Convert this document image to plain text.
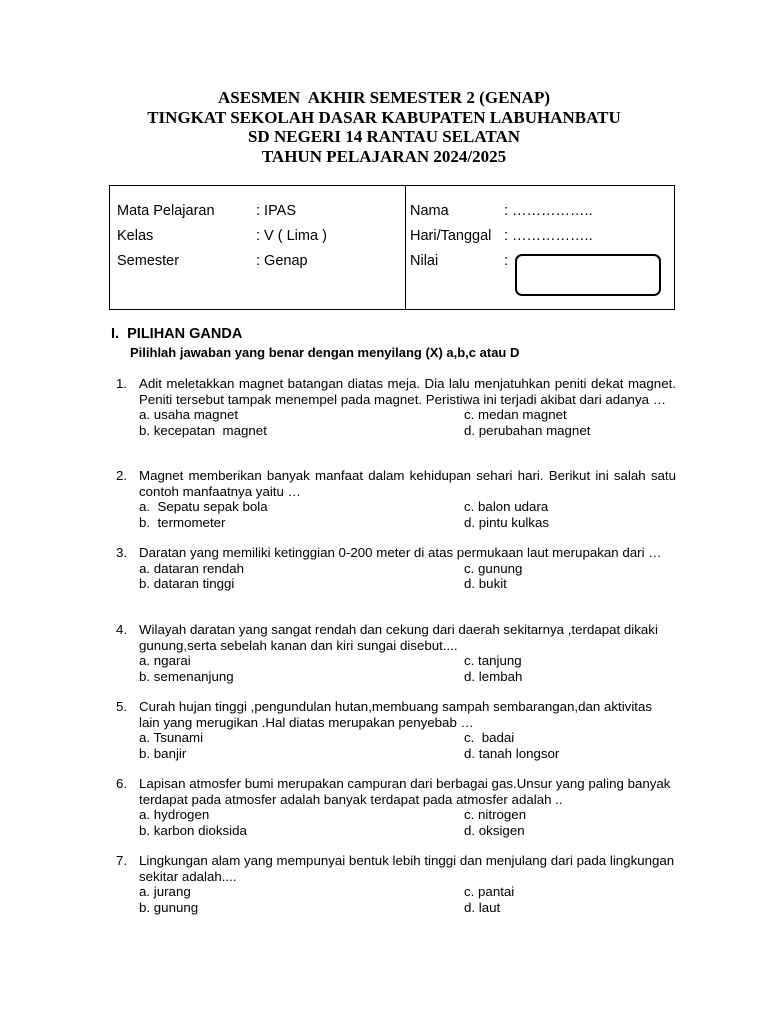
ASESMEN  AKHIR SEMESTER 2 (GENAP)
TINGKAT SEKOLAH DASAR KABUPATEN LABUHANBATU
SD NEGERI 14 RANTAU SELATAN
TAHUN PELAJARAN 2024/2025
Mata Pelajaran	: IPAS
Kelas	: V ( Lima )
Semester	: Genap
Nama	: ……………..
Hari/Tanggal : ……………..
Nilai	:
I.  PILIHAN GANDA
Pilihlah jawaban yang benar dengan menyilang (X) a,b,c atau D
1. Adit meletakkan magnet batangan diatas meja. Dia lalu menjatuhkan peniti dekat magnet. Peniti tersebut tampak menempel pada magnet. Peristiwa ini terjadi akibat dari adanya …
a. usaha magnet	c. medan magnet
b. kecepatan  magnet	d. perubahan magnet
2. Magnet memberikan banyak manfaat dalam kehidupan sehari hari. Berikut ini salah satu contoh manfaatnya yaitu …
a.  Sepatu sepak bola	c. balon udara
b.  termometer	d. pintu kulkas
3. Daratan yang memiliki ketinggian 0-200 meter di atas permukaan laut merupakan dari …
a. dataran rendah	c. gunung
b. dataran tinggi	d. bukit
4. Wilayah daratan yang sangat rendah dan cekung dari daerah sekitarnya ,terdapat dikaki gunung,serta sebelah kanan dan kiri sungai disebut....
a. ngarai	c. tanjung
b. semenanjung	d. lembah
5. Curah hujan tinggi ,pengundulan hutan,membuang sampah sembarangan,dan aktivitas lain yang merugikan .Hal diatas merupakan penyebab …
a. Tsunami	c.  badai
b. banjir	d. tanah longsor
6. Lapisan atmosfer bumi merupakan campuran dari berbagai gas.Unsur yang paling banyak terdapat pada atmosfer adalah banyak terdapat pada atmosfer adalah ..
a. hydrogen	c. nitrogen
b. karbon dioksida	d. oksigen
7. Lingkungan alam yang mempunyai bentuk lebih tinggi dan menjulang dari pada lingkungan sekitar adalah....
a. jurang	c. pantai
b. gunung	d. laut
